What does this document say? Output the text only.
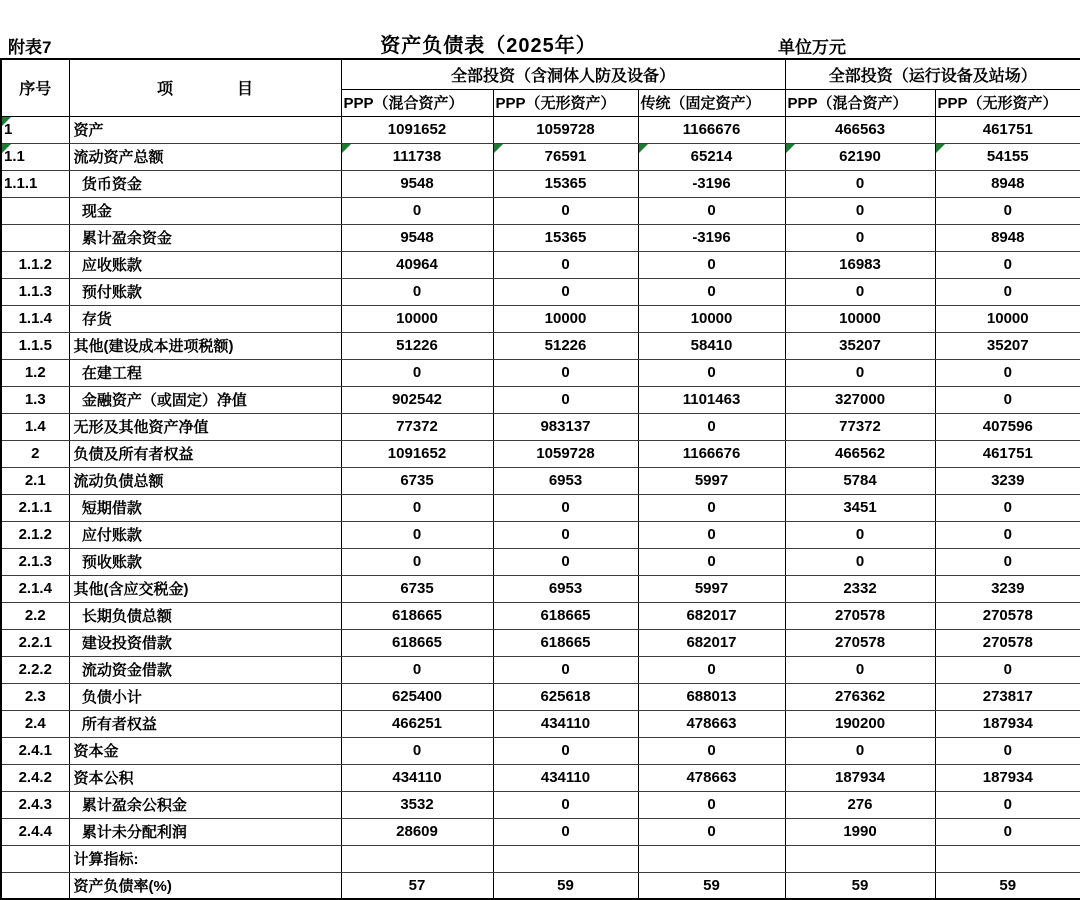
附表7	资产负债表（2025年）	单位万元
序号	项　　　　目	全部投资（含洞体人防及设备）			全部投资（运行设备及站场）	
		PPP（混合资产）	PPP（无形资产）	传统（固定资产）	PPP（混合资产）	PPP（无形资产）
1	资产	1091652	1059728	1166676	466563	461751
1.1	流动资产总额	111738	76591	65214	62190	54155

1.1.1	货币资金	9548	15365	-3196	0	8948
	现金	0	0	0	0	0
	累计盈余资金	9548	15365	-3196	0	8948
1.1.2	应收账款	40964	0	0	16983	0
1.1.3	预付账款	0	0	0	0	0
1.1.4	存货	10000	10000	10000	10000	10000
1.1.5	其他(建设成本进项税额)	51226	51226	58410	35207	35207
1.2	在建工程	0	0	0	0	0
1.3	金融资产（或固定）净值	902542	0	1101463	327000	0
1.4	无形及其他资产净值	77372	983137	0	77372	407596
2	负债及所有者权益	1091652	1059728	1166676	466562	461751
2.1	流动负债总额	6735	6953	5997	5784	3239
2.1.1	短期借款	0	0	0	3451	0
2.1.2	应付账款	0	0	0	0	0
2.1.3	预收账款	0	0	0	0	0
2.1.4	其他(含应交税金)	6735	6953	5997	2332	3239
2.2	长期负债总额	618665	618665	682017	270578	270578
2.2.1	建设投资借款	618665	618665	682017	270578	270578
2.2.2	流动资金借款	0	0	0	0	0
2.3	负债小计	625400	625618	688013	276362	273817
2.4	所有者权益	466251	434110	478663	190200	187934
2.4.1	资本金	0	0	0	0	0
2.4.2	资本公积	434110	434110	478663	187934	187934
2.4.3	累计盈余公积金	3532	0	0	276	0
2.4.4	累计未分配利润	28609	0	0	1990	0
	计算指标:					
	资产负债率(%)	57	59	59	59	59
